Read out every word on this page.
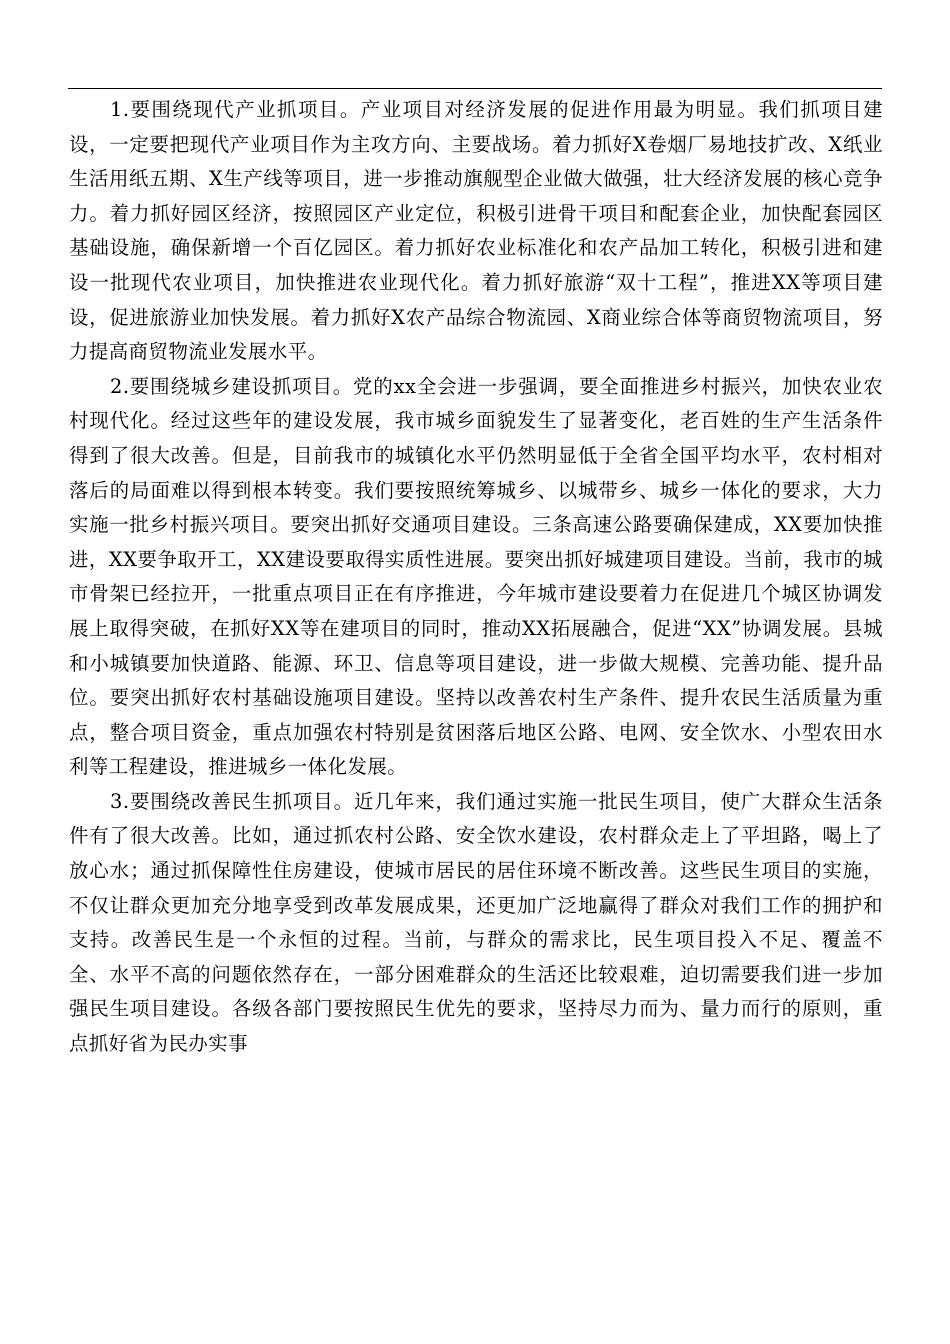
1.要围绕现代产业抓项目。产业项目对经济发展的促进作用最为明显。我们抓项目建设，一定要把现代产业项目作为主攻方向、主要战场。着力抓好X卷烟厂易地技扩改、X纸业生活用纸五期、X生产线等项目，进一步推动旗舰型企业做大做强，壮大经济发展的核心竞争力。着力抓好园区经济，按照园区产业定位，积极引进骨干项目和配套企业，加快配套园区基础设施，确保新增一个百亿园区。着力抓好农业标准化和农产品加工转化，积极引进和建设一批现代农业项目，加快推进农业现代化。着力抓好旅游“双十工程”，推进XX等项目建设，促进旅游业加快发展。着力抓好X农产品综合物流园、X商业综合体等商贸物流项目，努力提高商贸物流业发展水平。

2.要围绕城乡建设抓项目。党的xx全会进一步强调，要全面推进乡村振兴，加快农业农村现代化。经过这些年的建设发展，我市城乡面貌发生了显著变化，老百姓的生产生活条件得到了很大改善。但是，目前我市的城镇化水平仍然明显低于全省全国平均水平，农村相对落后的局面难以得到根本转变。我们要按照统筹城乡、以城带乡、城乡一体化的要求，大力实施一批乡村振兴项目。要突出抓好交通项目建设。三条高速公路要确保建成，XX要加快推进，XX要争取开工，XX建设要取得实质性进展。要突出抓好城建项目建设。当前，我市的城市骨架已经拉开，一批重点项目正在有序推进，今年城市建设要着力在促进几个城区协调发展上取得突破，在抓好XX等在建项目的同时，推动XX拓展融合，促进“XX”协调发展。县城和小城镇要加快道路、能源、环卫、信息等项目建设，进一步做大规模、完善功能、提升品位。要突出抓好农村基础设施项目建设。坚持以改善农村生产条件、提升农民生活质量为重点，整合项目资金，重点加强农村特别是贫困落后地区公路、电网、安全饮水、小型农田水利等工程建设，推进城乡一体化发展。

3.要围绕改善民生抓项目。近几年来，我们通过实施一批民生项目，使广大群众生活条件有了很大改善。比如，通过抓农村公路、安全饮水建设，农村群众走上了平坦路，喝上了放心水；通过抓保障性住房建设，使城市居民的居住环境不断改善。这些民生项目的实施，不仅让群众更加充分地享受到改革发展成果，还更加广泛地赢得了群众对我们工作的拥护和支持。改善民生是一个永恒的过程。当前，与群众的需求比，民生项目投入不足、覆盖不全、水平不高的问题依然存在，一部分困难群众的生活还比较艰难，迫切需要我们进一步加强民生项目建设。各级各部门要按照民生优先的要求，坚持尽力而为、量力而行的原则，重点抓好省为民办实事
